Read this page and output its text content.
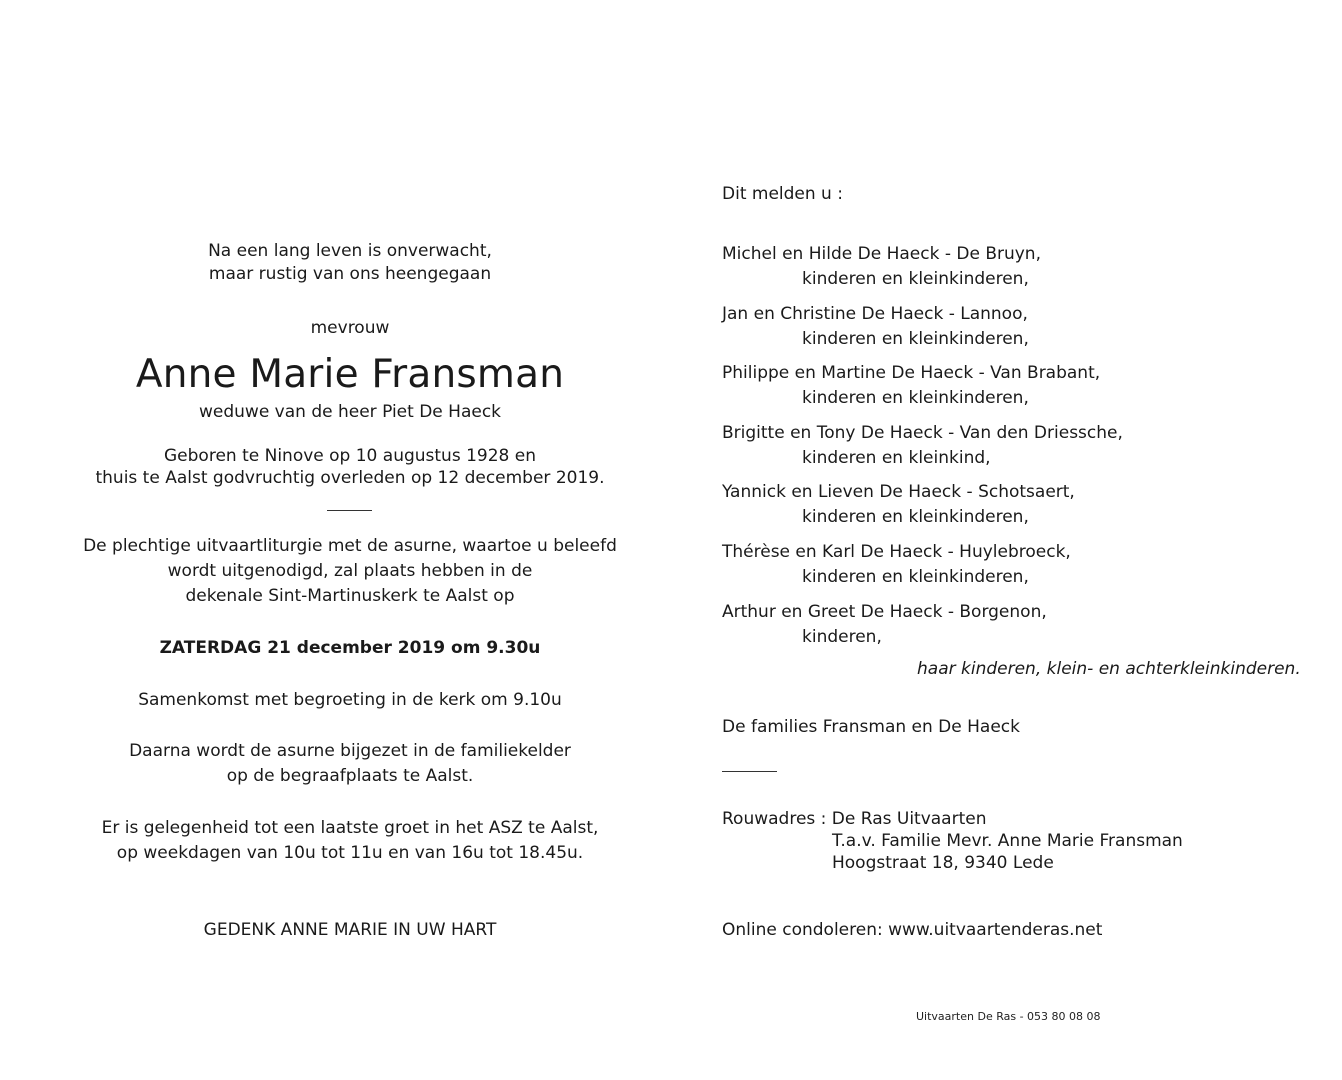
Na een lang leven is onverwacht,
maar rustig van ons heengegaan
mevrouw
Anne Marie Fransman
weduwe van de heer Piet De Haeck
Geboren te Ninove op 10 augustus 1928 en
thuis te Aalst godvruchtig overleden op 12 december 2019.
De plechtige uitvaartliturgie met de asurne, waartoe u beleefd
wordt uitgenodigd, zal plaats hebben in de
dekenale Sint-Martinuskerk te Aalst op
ZATERDAG 21 december 2019 om 9.30u
Samenkomst met begroeting in de kerk om 9.10u
Daarna wordt de asurne bijgezet in de familiekelder
op de begraafplaats te Aalst.
Er is gelegenheid tot een laatste groet in het ASZ te Aalst,
op weekdagen van 10u tot 11u en van 16u tot 18.45u.
GEDENK ANNE MARIE IN UW HART
Dit melden u :
Michel en Hilde De Haeck - De Bruyn,
kinderen en kleinkinderen,
Jan en Christine De Haeck - Lannoo,
kinderen en kleinkinderen,
Philippe en Martine De Haeck - Van Brabant,
kinderen en kleinkinderen,
Brigitte en Tony De Haeck - Van den Driessche,
kinderen en kleinkind,
Yannick en Lieven De Haeck - Schotsaert,
kinderen en kleinkinderen,
Thérèse en Karl De Haeck - Huylebroeck,
kinderen en kleinkinderen,
Arthur en Greet De Haeck - Borgenon,
kinderen,
haar kinderen, klein- en achterkleinkinderen.
De families Fransman en De Haeck
Rouwadres : De Ras Uitvaarten
T.a.v. Familie Mevr. Anne Marie Fransman
Hoogstraat 18, 9340 Lede
Online condoleren: www.uitvaartenderas.net
Uitvaarten De Ras - 053 80 08 08
